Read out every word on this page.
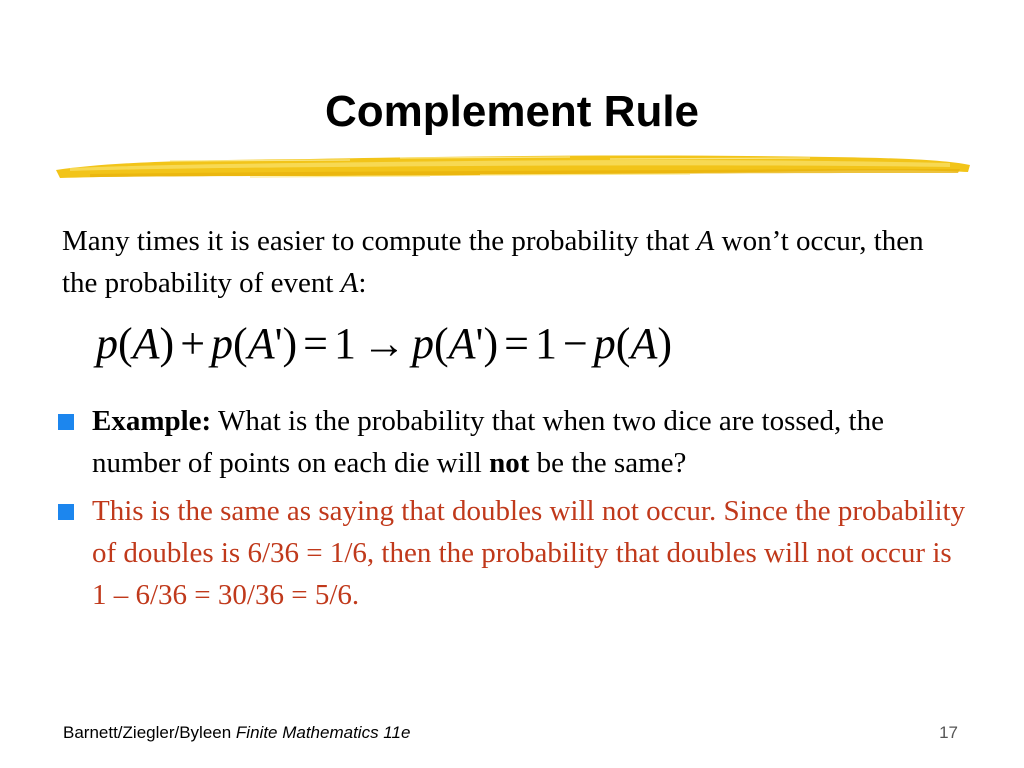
Complement Rule
Many times it is easier to compute the probability that A won’t occur, then the probability of event A:
p(A) + p(A') = 1 → p(A') = 1 − p(A)
Example: What is the probability that when two dice are tossed, the number of points on each die will not be the same?
This is the same as saying that doubles will not occur. Since the probability of doubles is 6/36 = 1/6, then the probability that doubles will not occur is 1 – 6/36 = 30/36 = 5/6.
Barnett/Ziegler/Byleen Finite Mathematics 11e	17
